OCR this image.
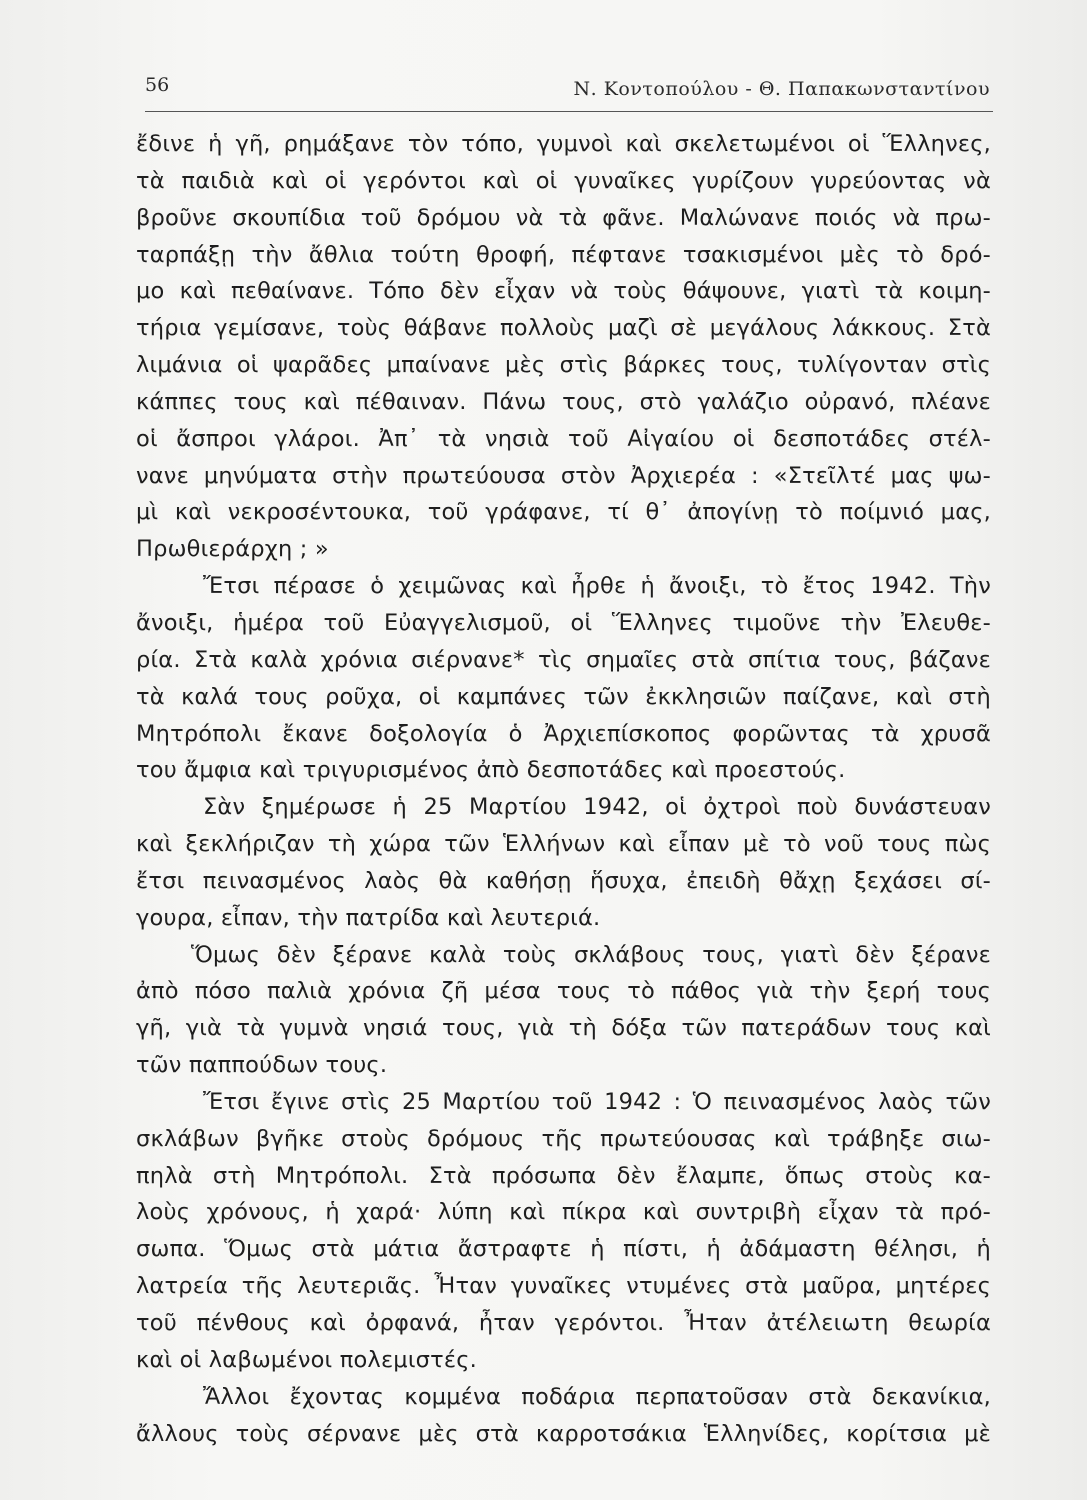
56	Ν. Κοντοπούλου - Θ. Παπακωνσταντίνου
ἔδινε ἡ γῆ, ρημάξανε τὸν τόπο, γυμνοὶ καὶ σκελετωμένοι οἱ Ἕλληνες,
τὰ παιδιὰ καὶ οἱ γερόντοι καὶ οἱ γυναῖκες γυρίζουν γυρεύοντας νὰ
βροῦνε σκουπίδια τοῦ δρόμου νὰ τὰ φᾶνε. Μαλώνανε ποιός νὰ πρω-
ταρπάξῃ τὴν ἄθλια τούτη θροφή, πέφτανε τσακισμένοι μὲς τὸ δρό-
μο καὶ πεθαίνανε. Τόπο δὲν εἶχαν νὰ τοὺς θάψουνε, γιατὶ τὰ κοιμη-
τήρια γεμίσανε, τοὺς θάβανε πολλοὺς μαζὶ σὲ μεγάλους λάκκους. Στὰ
λιμάνια οἱ ψαρᾶδες μπαίνανε μὲς στὶς βάρκες τους, τυλίγονταν στὶς
κάππες τους καὶ πέθαιναν. Πάνω τους, στὸ γαλάζιο οὐρανό, πλέανε
οἱ ἄσπροι γλάροι. Ἀπ᾿ τὰ νησιὰ τοῦ Αἰγαίου οἱ δεσποτάδες στέλ-
νανε μηνύματα στὴν πρωτεύουσα στὸν Ἀρχιερέα : «Στεῖλτέ μας ψω-
μὶ καὶ νεκροσέντουκα, τοῦ γράφανε, τί θ᾿ ἀπογίνῃ τὸ ποίμνιό μας,
Πρωθιεράρχη ; »
Ἔτσι πέρασε ὁ χειμῶνας καὶ ἦρθε ἡ ἄνοιξι, τὸ ἔτος 1942. Τὴν
ἄνοιξι, ἡμέρα τοῦ Εὐαγγελισμοῦ, οἱ Ἕλληνες τιμοῦνε τὴν Ἐλευθε-
ρία. Στὰ καλὰ χρόνια σιέρνανε* τὶς σημαῖες στὰ σπίτια τους, βάζανε
τὰ καλά τους ροῦχα, οἱ καμπάνες τῶν ἐκκλησιῶν παίζανε, καὶ στὴ
Μητρόπολι ἔκανε δοξολογία ὁ Ἀρχιεπίσκοπος φορῶντας τὰ χρυσᾶ
του ἄμφια καὶ τριγυρισμένος ἀπὸ δεσποτάδες καὶ προεστούς.
Σὰν ξημέρωσε ἡ 25 Μαρτίου 1942, οἱ ὀχτροὶ ποὺ δυνάστευαν
καὶ ξεκλήριζαν τὴ χώρα τῶν Ἑλλήνων καὶ εἶπαν μὲ τὸ νοῦ τους πὼς
ἔτσι πεινασμένος λαὸς θὰ καθήσῃ ἥσυχα, ἐπειδὴ θἄχῃ ξεχάσει σί-
γουρα, εἶπαν, τὴν πατρίδα καὶ λευτεριά.
Ὅμως δὲν ξέρανε καλὰ τοὺς σκλάβους τους, γιατὶ δὲν ξέρανε
ἀπὸ πόσο παλιὰ χρόνια ζῆ μέσα τους τὸ πάθος γιὰ τὴν ξερή τους
γῆ, γιὰ τὰ γυμνὰ νησιά τους, γιὰ τὴ δόξα τῶν πατεράδων τους καὶ
τῶν παππούδων τους.
Ἔτσι ἔγινε στὶς 25 Μαρτίου τοῦ 1942 : Ὁ πεινασμένος λαὸς τῶν
σκλάβων βγῆκε στοὺς δρόμους τῆς πρωτεύουσας καὶ τράβηξε σιω-
πηλὰ στὴ Μητρόπολι. Στὰ πρόσωπα δὲν ἔλαμπε, ὅπως στοὺς κα-
λοὺς χρόνους, ἡ χαρά· λύπη καὶ πίκρα καὶ συντριβὴ εἶχαν τὰ πρό-
σωπα. Ὅμως στὰ μάτια ἄστραφτε ἡ πίστι, ἡ ἀδάμαστη θέλησι, ἡ
λατρεία τῆς λευτεριᾶς. Ἦταν γυναῖκες ντυμένες στὰ μαῦρα, μητέρες
τοῦ πένθους καὶ ὀρφανά, ἦταν γερόντοι. Ἦταν ἀτέλειωτη θεωρία
καὶ οἱ λαβωμένοι πολεμιστές.
Ἄλλοι ἔχοντας κομμένα ποδάρια περπατοῦσαν στὰ δεκανίκια,
ἄλλους τοὺς σέρνανε μὲς στὰ καρροτσάκια Ἑλληνίδες, κορίτσια μὲ
